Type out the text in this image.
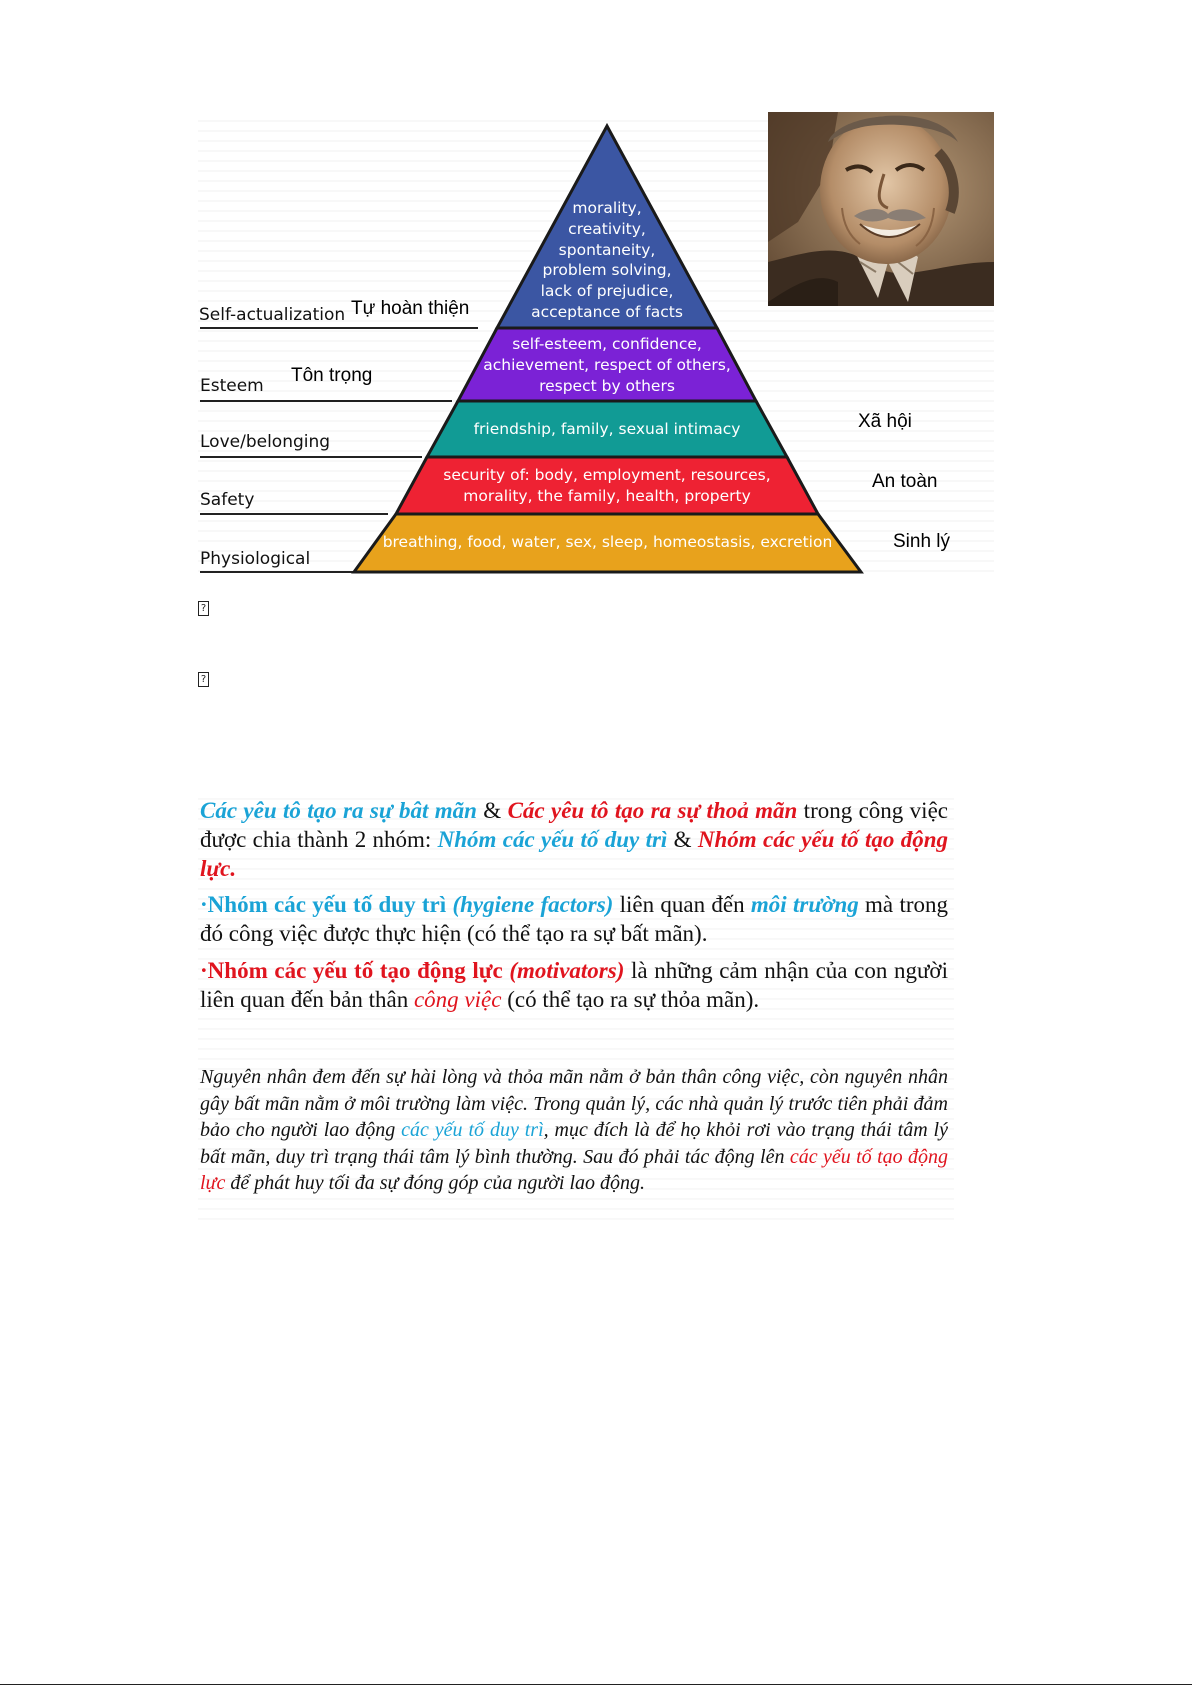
morality,
creativity,
spontaneity,
problem solving,
lack of prejudice,
acceptance of facts
self-esteem, confidence,
achievement, respect of others,
respect by others
friendship, family, sexual intimacy
security of: body, employment, resources,
morality, the family, health, property
breathing, food, water, sex, sleep, homeostasis, excretion
Self-actualization
Esteem
Love/belonging
Safety
Physiological
Tự hoàn thiện
Tôn trọng
Xã hội
An toàn
Sinh lý
?
?
Các yêu tô tạo ra sự bât mãn & Các yêu tô tạo ra sự thoả mãn trong công việc được chia thành 2 nhóm: Nhóm các yếu tố duy trì & Nhóm các yếu tố tạo động lực.
·Nhóm các yếu tố duy trì (hygiene factors) liên quan đến môi trường mà trong đó công việc được thực hiện (có thể tạo ra sự bất mãn).
·Nhóm các yếu tố tạo động lực (motivators) là những cảm nhận của con người liên quan đến bản thân công việc (có thể tạo ra sự thỏa mãn).
Nguyên nhân đem đến sự hài lòng và thỏa mãn nằm ở bản thân công việc, còn nguyên nhân gây bất mãn nằm ở môi trường làm việc. Trong quản lý, các nhà quản lý trước tiên phải đảm bảo cho người lao động các yếu tố duy trì, mục đích là để họ khỏi rơi vào trạng thái tâm lý bất mãn, duy trì trạng thái tâm lý bình thường. Sau đó phải tác động lên các yếu tố tạo động lực để phát huy tối đa sự đóng góp của người lao động.
